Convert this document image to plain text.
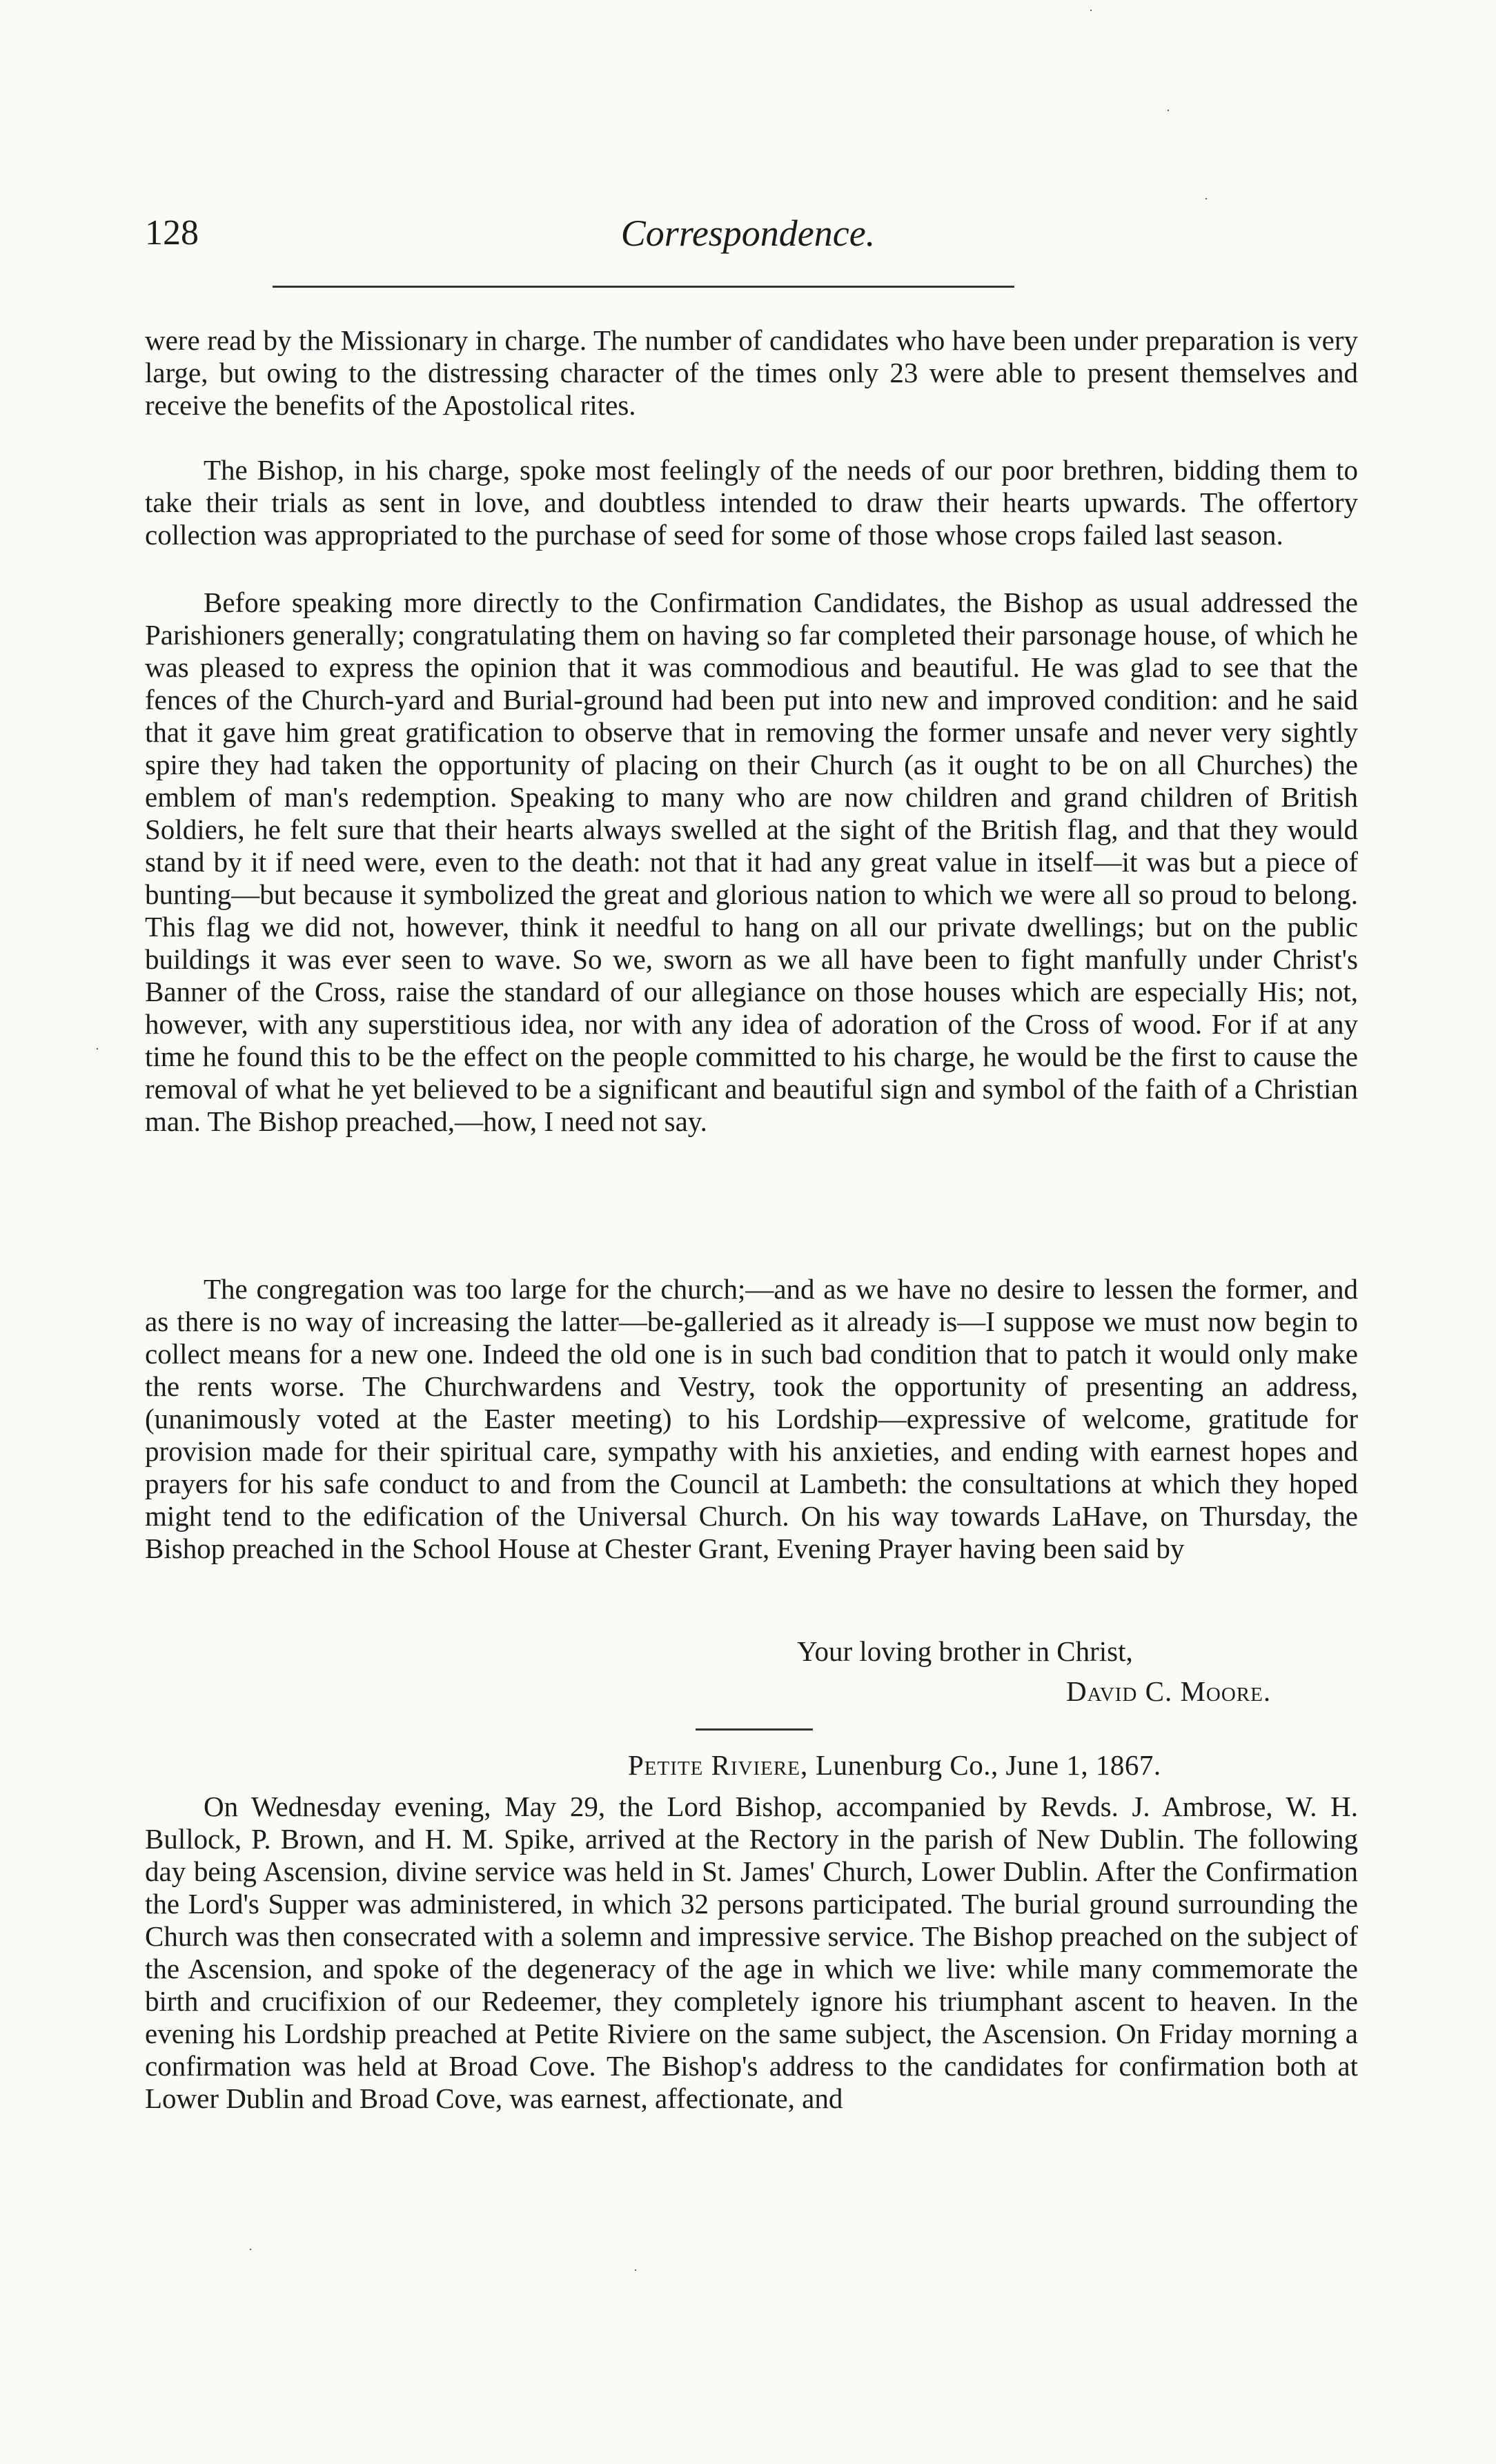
128	Correspondence.

were read by the Missionary in charge. The number of candidates who have been under preparation is very large, but owing to the distressing character of the times only 23 were able to present themselves and receive the benefits of the Apostolical rites.

The Bishop, in his charge, spoke most feelingly of the needs of our poor brethren, bidding them to take their trials as sent in love, and doubtless intended to draw their hearts upwards. The offertory collection was appropriated to the purchase of seed for some of those whose crops failed last season.

Before speaking more directly to the Confirmation Candidates, the Bishop as usual addressed the Parishioners generally; congratulating them on having so far completed their parsonage house, of which he was pleased to express the opinion that it was commodious and beautiful. He was glad to see that the fences of the Church-yard and Burial-ground had been put into new and improved condition: and he said that it gave him great gratification to observe that in removing the former unsafe and never very sightly spire they had taken the opportunity of placing on their Church (as it ought to be on all Churches) the emblem of man's redemption. Speaking to many who are now children and grand children of British Soldiers, he felt sure that their hearts always swelled at the sight of the British flag, and that they would stand by it if need were, even to the death: not that it had any great value in itself—it was but a piece of bunting—but because it symbolized the great and glorious nation to which we were all so proud to belong. This flag we did not, however, think it needful to hang on all our private dwellings; but on the public buildings it was ever seen to wave. So we, sworn as we all have been to fight manfully under Christ's Banner of the Cross, raise the standard of our allegiance on those houses which are especially His; not, however, with any superstitious idea, nor with any idea of adoration of the Cross of wood. For if at any time he found this to be the effect on the people committed to his charge, he would be the first to cause the removal of what he yet believed to be a significant and beautiful sign and symbol of the faith of a Christian man. The Bishop preached,—how, I need not say.

The congregation was too large for the church;—and as we have no desire to lessen the former, and as there is no way of increasing the latter—be-galleried as it already is—I suppose we must now begin to collect means for a new one. Indeed the old one is in such bad condition that to patch it would only make the rents worse. The Churchwardens and Vestry, took the opportunity of presenting an address, (unanimously voted at the Easter meeting) to his Lordship—expressive of welcome, gratitude for provision made for their spiritual care, sympathy with his anxieties, and ending with earnest hopes and prayers for his safe conduct to and from the Council at Lambeth: the consultations at which they hoped might tend to the edification of the Universal Church. On his way towards LaHave, on Thursday, the Bishop preached in the School House at Chester Grant, Evening Prayer having been said by

Your loving brother in Christ,

David C. Moore.

Petite Riviere, Lunenburg Co., June 1, 1867.

On Wednesday evening, May 29, the Lord Bishop, accompanied by Revds. J. Ambrose, W. H. Bullock, P. Brown, and H. M. Spike, arrived at the Rectory in the parish of New Dublin. The following day being Ascension, divine service was held in St. James' Church, Lower Dublin. After the Confirmation the Lord's Supper was administered, in which 32 persons participated. The burial ground surrounding the Church was then consecrated with a solemn and impressive service. The Bishop preached on the subject of the Ascension, and spoke of the degeneracy of the age in which we live: while many commemorate the birth and crucifixion of our Redeemer, they completely ignore his triumphant ascent to heaven. In the evening his Lordship preached at Petite Riviere on the same subject, the Ascension. On Friday morning a confirmation was held at Broad Cove. The Bishop's address to the candidates for confirmation both at Lower Dublin and Broad Cove, was earnest, affectionate, and

·
·
·
·
·
·
